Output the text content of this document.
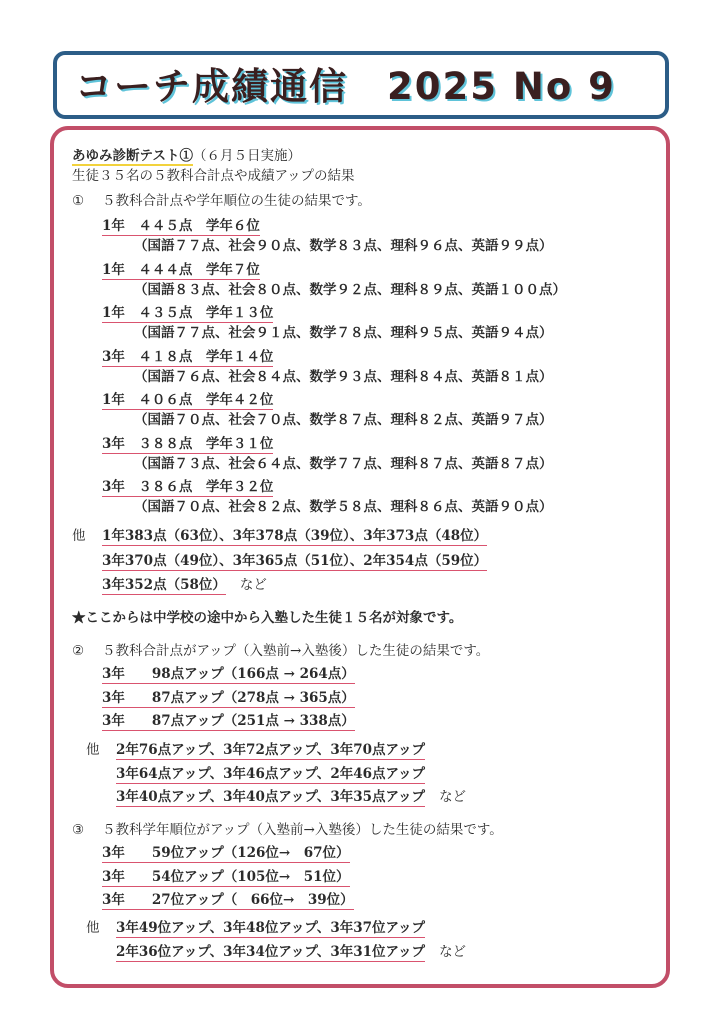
コーチ成績通信　2025 No 9
あゆみ診断テスト①（６月５日実施）
生徒３５名の５教科合計点や成績アップの結果
① ５教科合計点や学年順位の生徒の結果です。
1年　４４５点　学年６位
（国語７７点、社会９０点、数学８３点、理科９６点、英語９９点）
1年　４４４点　学年７位
（国語８３点、社会８０点、数学９２点、理科８９点、英語１００点）
1年　４３５点　学年１３位
（国語７７点、社会９１点、数学７８点、理科９５点、英語９４点）
3年　４１８点　学年１４位
（国語７６点、社会８４点、数学９３点、理科８４点、英語８１点）
1年　４０６点　学年４２位
（国語７０点、社会７０点、数学８７点、理科８２点、英語９７点）
3年　３８８点　学年３１位
（国語７３点、社会６４点、数学７７点、理科８７点、英語８７点）
3年　３８６点　学年３２位
（国語７０点、社会８２点、数学５８点、理科８６点、英語９０点）
他 1年383点（63位）、3年378点（39位）、3年373点（48位）
3年370点（49位）、3年365点（51位）、2年354点（59位）
3年352点（58位） など
★ここからは中学校の途中から入塾した生徒１５名が対象です。
② ５教科合計点がアップ（入塾前→入塾後）した生徒の結果です。
3年　　98点アップ（166点 → 264点）
3年　　87点アップ（278点 → 365点）
3年　　87点アップ（251点 → 338点）
他 2年76点アップ、3年72点アップ、3年70点アップ
3年64点アップ、3年46点アップ、2年46点アップ
3年40点アップ、3年40点アップ、3年35点アップ など
③ ５教科学年順位がアップ（入塾前→入塾後）した生徒の結果です。
3年　　59位アップ（126位→　67位）
3年　　54位アップ（105位→　51位）
3年　　27位アップ（　66位→　39位）
他 3年49位アップ、3年48位アップ、3年37位アップ
2年36位アップ、3年34位アップ、3年31位アップ など
